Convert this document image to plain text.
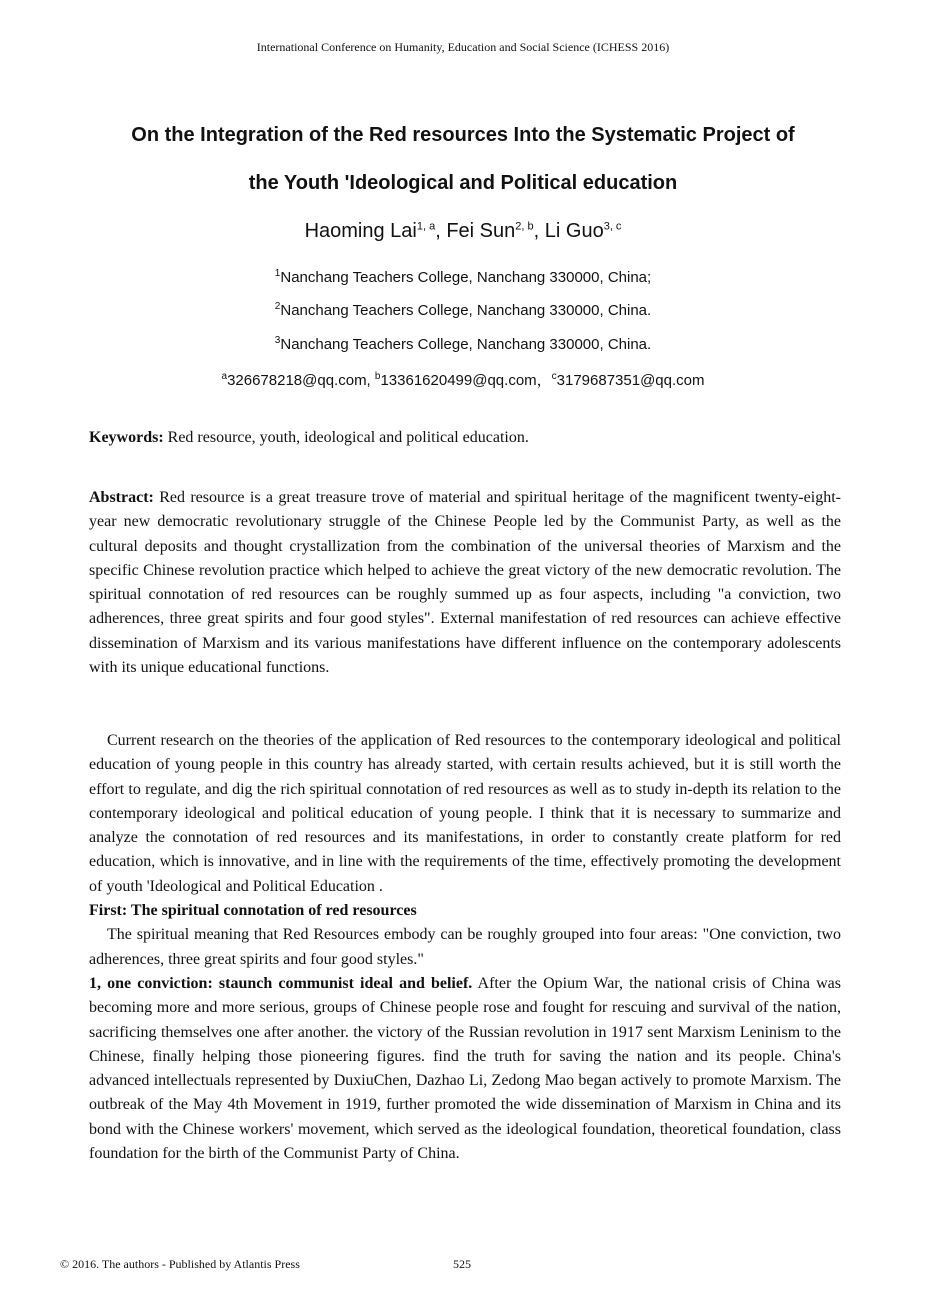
International Conference on Humanity, Education and Social Science (ICHESS 2016)
On the Integration of the Red resources Into the Systematic Project of
the Youth 'Ideological and Political education
Haoming Lai$^{1, a}$, Fei Sun$^{2, b}$, Li Guo$^{3, c}$
$^1$Nanchang Teachers College, Nanchang 330000, China;
$^2$Nanchang Teachers College, Nanchang 330000, China.
$^3$Nanchang Teachers College, Nanchang 330000, China.
$^a$326678218@qq.com, $^b$13361620499@qq.com，$^c$3179687351@qq.com

Keywords: Red resource, youth, ideological and political education.

Abstract: Red resource is a great treasure trove of material and spiritual heritage of the magnificent twenty-eight-year new democratic revolutionary struggle of the Chinese People led by the Communist Party, as well as the cultural deposits and thought crystallization from the combination of the universal theories of Marxism and the specific Chinese revolution practice which helped to achieve the great victory of the new democratic revolution. The spiritual connotation of red resources can be roughly summed up as four aspects, including "a conviction, two adherences, three great spirits and four good styles". External manifestation of red resources can achieve effective dissemination of Marxism and its various manifestations have different influence on the contemporary adolescents with its unique educational functions.

Current research on the theories of the application of Red resources to the contemporary ideological and political education of young people in this country has already started, with certain results achieved, but it is still worth the effort to regulate, and dig the rich spiritual connotation of red resources as well as to study in-depth its relation to the contemporary ideological and political education of young people. I think that it is necessary to summarize and analyze the connotation of red resources and its manifestations, in order to constantly create platform for red education, which is innovative, and in line with the requirements of the time, effectively promoting the development of youth 'Ideological and Political Education .

First: The spiritual connotation of red resources

The spiritual meaning that Red Resources embody can be roughly grouped into four areas: "One conviction, two adherences, three great spirits and four good styles."

1, one conviction: staunch communist ideal and belief. After the Opium War, the national crisis of China was becoming more and more serious, groups of Chinese people rose and fought for rescuing and survival of the nation, sacrificing themselves one after another. the victory of the Russian revolution in 1917 sent Marxism Leninism to the Chinese, finally helping those pioneering figures. find the truth for saving the nation and its people. China's advanced intellectuals represented by DuxiuChen, Dazhao Li, Zedong Mao began actively to promote Marxism. The outbreak of the May 4th Movement in 1919, further promoted the wide dissemination of Marxism in China and its bond with the Chinese workers' movement, which served as the ideological foundation, theoretical foundation, class foundation for the birth of the Communist Party of China.

© 2016. The authors - Published by Atlantis Press	525
